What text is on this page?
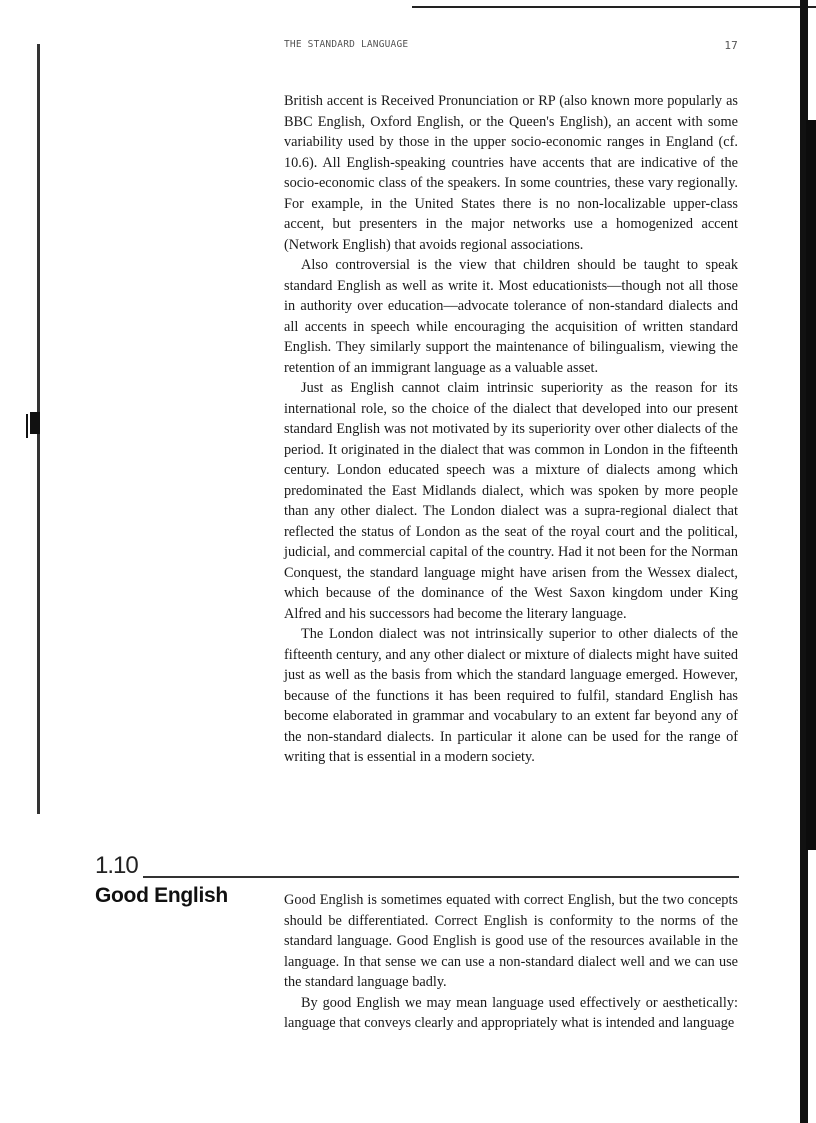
THE STANDARD LANGUAGE	17

British accent is Received Pronunciation or RP (also known more popularly as BBC English, Oxford English, or the Queen's English), an accent with some variability used by those in the upper socio-economic ranges in England (cf. 10.6). All English-speaking countries have accents that are indicative of the socio-economic class of the speakers. In some countries, these vary regionally. For example, in the United States there is no non-localizable upper-class accent, but presenters in the major networks use a homogenized accent (Network English) that avoids regional associations.

Also controversial is the view that children should be taught to speak standard English as well as write it. Most educationists—though not all those in authority over education—advocate tolerance of non-standard dialects and all accents in speech while encouraging the acquisition of written standard English. They similarly support the maintenance of bilingualism, viewing the retention of an immigrant language as a valuable asset.

Just as English cannot claim intrinsic superiority as the reason for its international role, so the choice of the dialect that developed into our present standard English was not motivated by its superiority over other dialects of the period. It originated in the dialect that was common in London in the fifteenth century. London educated speech was a mixture of dialects among which predominated the East Midlands dialect, which was spoken by more people than any other dialect. The London dialect was a supra-regional dialect that reflected the status of London as the seat of the royal court and the political, judicial, and commercial capital of the country. Had it not been for the Norman Conquest, the standard language might have arisen from the Wessex dialect, which because of the dominance of the West Saxon kingdom under King Alfred and his successors had become the literary language.

The London dialect was not intrinsically superior to other dialects of the fifteenth century, and any other dialect or mixture of dialects might have suited just as well as the basis from which the standard language emerged. However, because of the functions it has been required to fulfil, standard English has become elaborated in grammar and vocabulary to an extent far beyond any of the non-standard dialects. In particular it alone can be used for the range of writing that is essential in a modern society.

1.10
Good English	Good English is sometimes equated with correct English, but the two concepts should be differentiated. Correct English is conformity to the norms of the standard language. Good English is good use of the resources available in the language. In that sense we can use a non-standard dialect well and we can use the standard language badly.

By good English we may mean language used effectively or aesthetically: language that conveys clearly and appropriately what is intended and language
